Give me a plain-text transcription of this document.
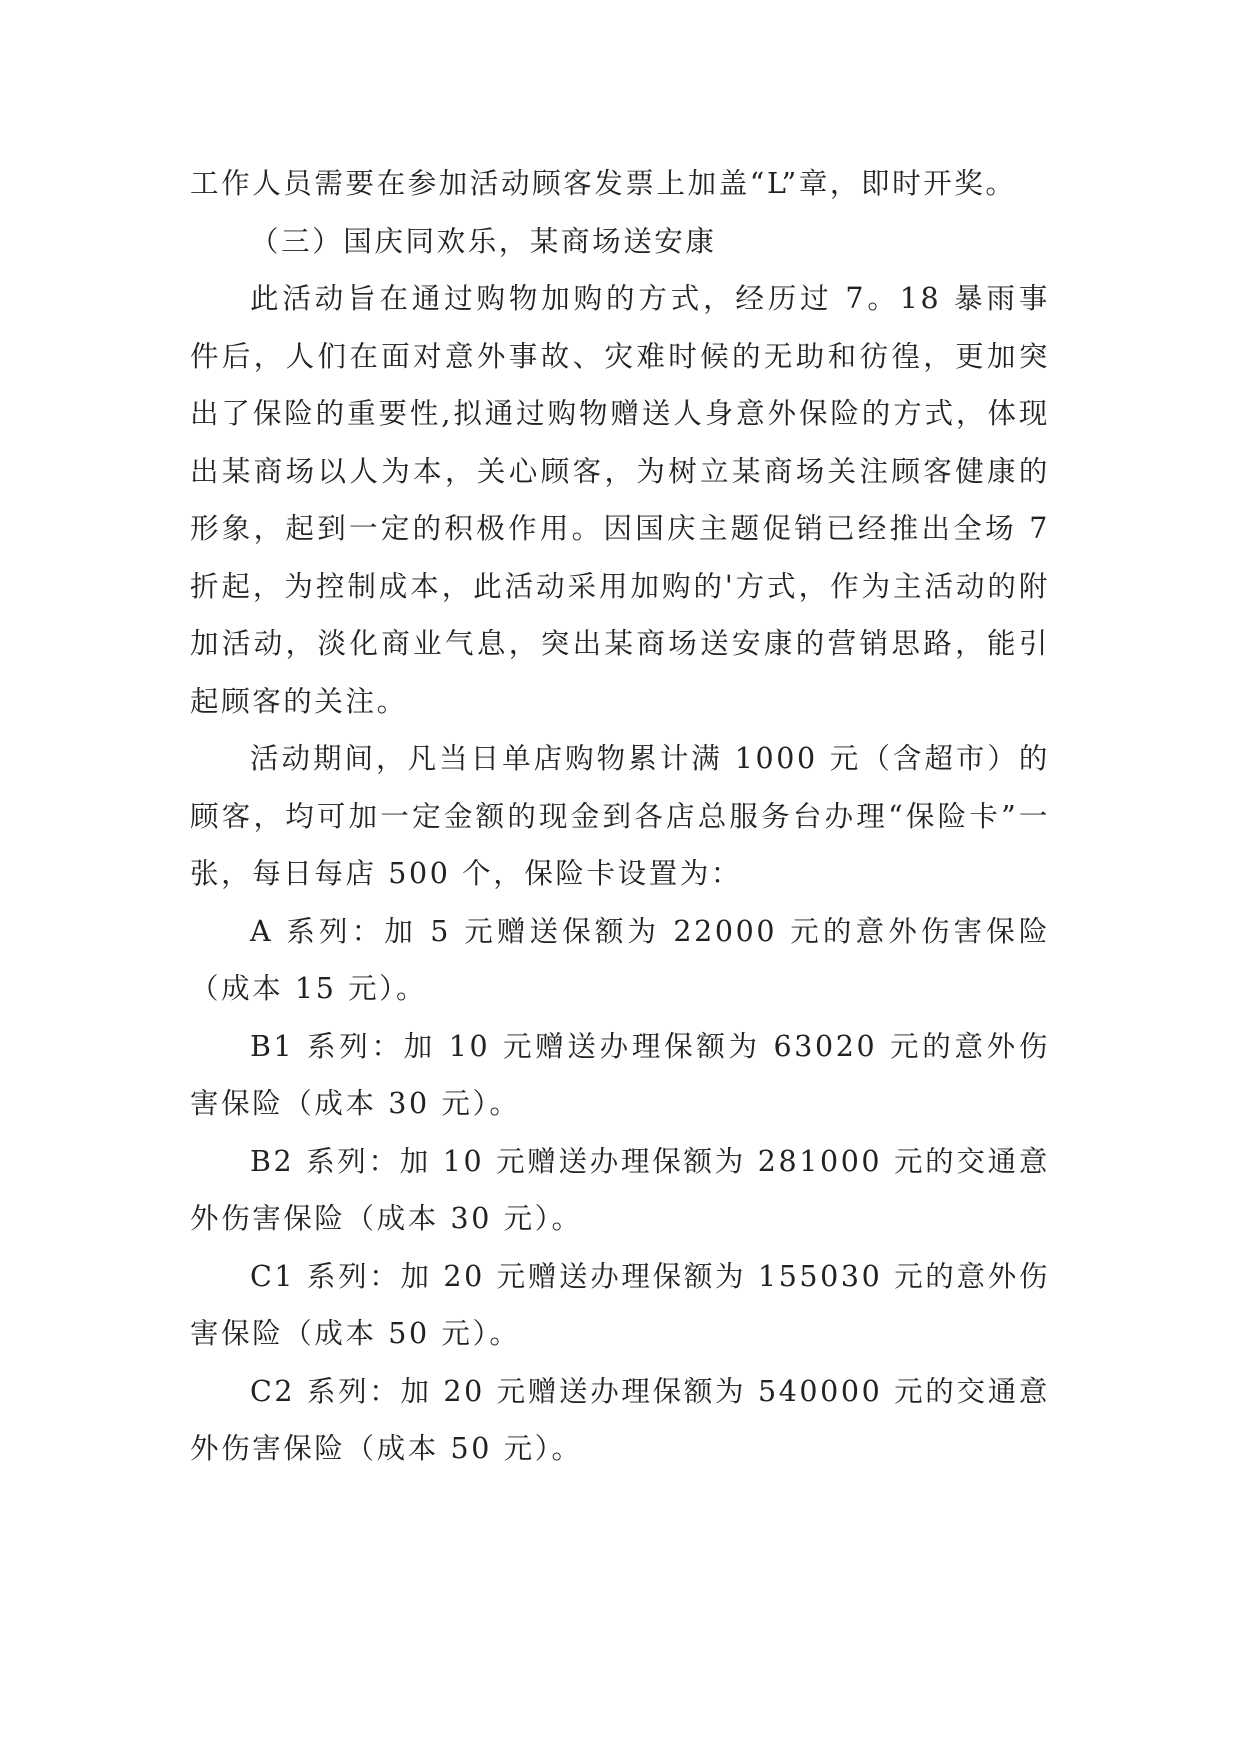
工作人员需要在参加活动顾客发票上加盖“L”章，即时开奖。

（三）国庆同欢乐，某商场送安康

此活动旨在通过购物加购的方式，经历过 7。18 暴雨事件后，人们在面对意外事故、灾难时候的无助和彷徨，更加突出了保险的重要性,拟通过购物赠送人身意外保险的方式，体现出某商场以人为本，关心顾客，为树立某商场关注顾客健康的形象，起到一定的积极作用。因国庆主题促销已经推出全场 7 折起，为控制成本，此活动采用加购的'方式，作为主活动的附加活动，淡化商业气息，突出某商场送安康的营销思路，能引起顾客的关注。

活动期间，凡当日单店购物累计满 1000 元（含超市）的顾客，均可加一定金额的现金到各店总服务台办理“保险卡”一张，每日每店 500 个，保险卡设置为：

A 系列：加 5 元赠送保额为 22000 元的意外伤害保险（成本 15 元）。

B1 系列：加 10 元赠送办理保额为 63020 元的意外伤害保险（成本 30 元）。

B2 系列：加 10 元赠送办理保额为 281000 元的交通意外伤害保险（成本 30 元）。

C1 系列：加 20 元赠送办理保额为 155030 元的意外伤害保险（成本 50 元）。

C2 系列：加 20 元赠送办理保额为 540000 元的交通意外伤害保险（成本 50 元）。
